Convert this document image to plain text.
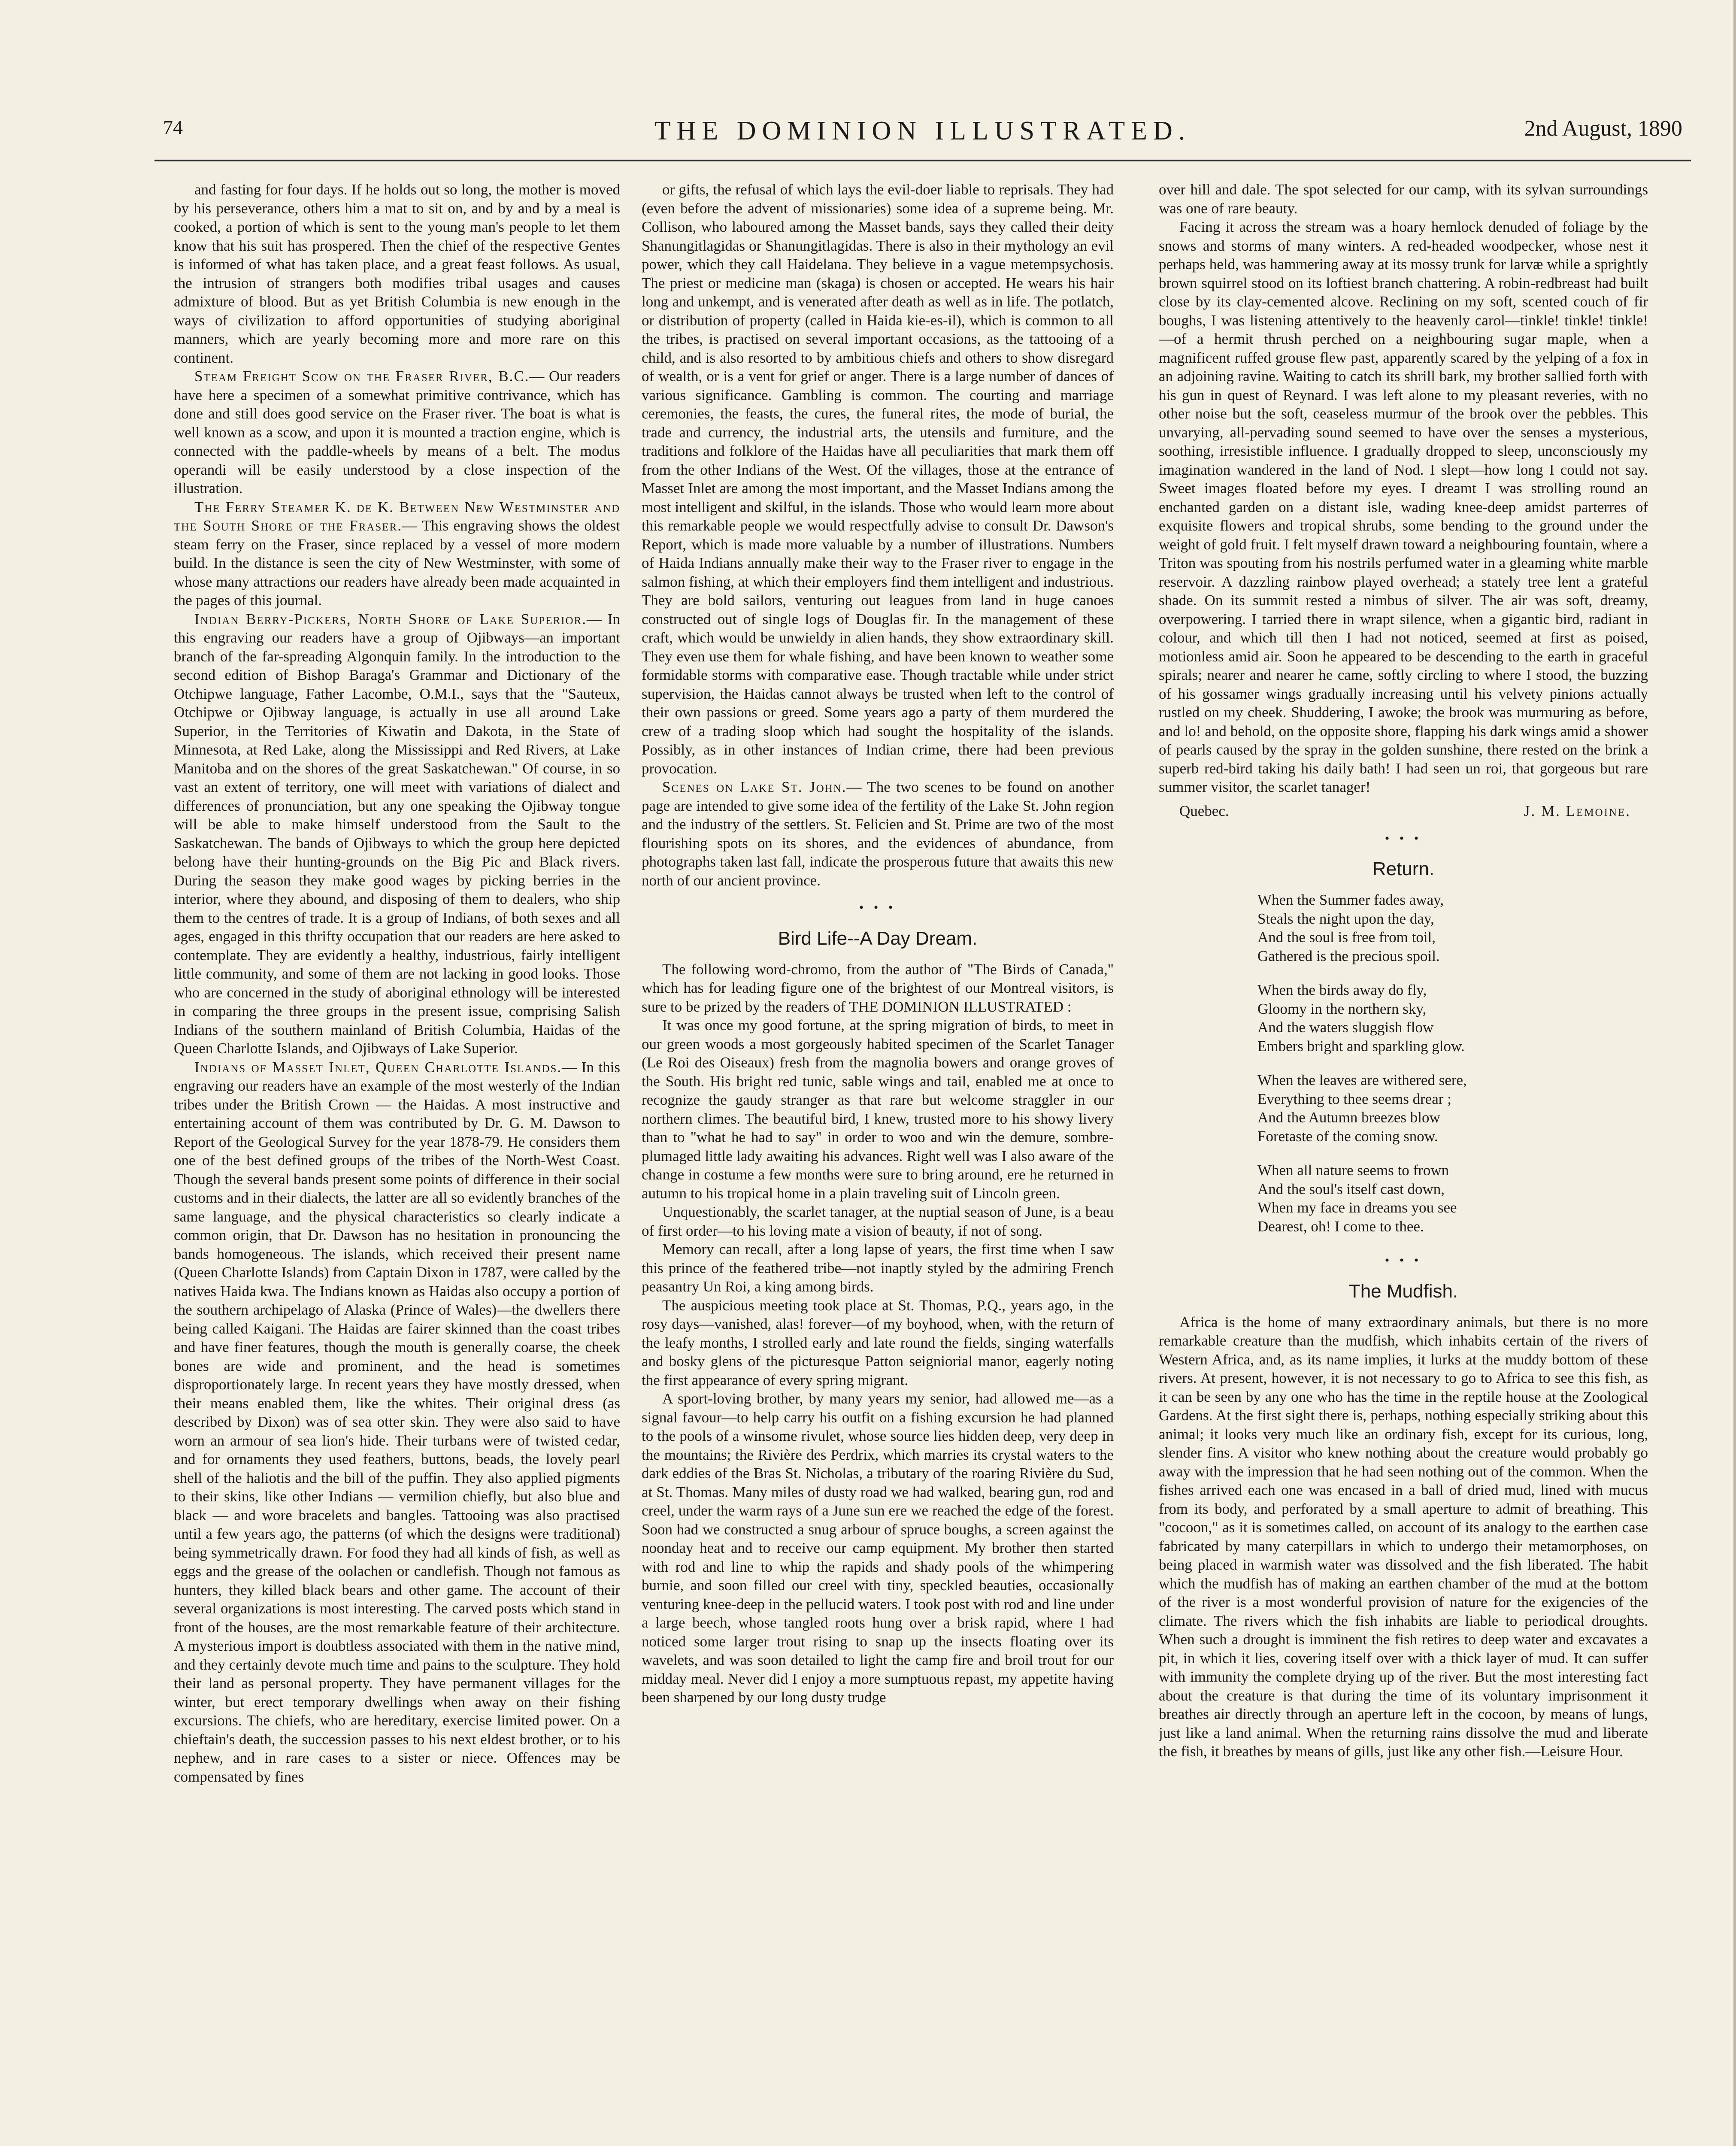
74	THE DOMINION ILLUSTRATED.	2nd August, 1890

and fasting for four days. If he holds out so long, the mother is moved by his perseverance, others him a mat to sit on, and by and by a meal is cooked, a portion of which is sent to the young man's people to let them know that his suit has prospered. Then the chief of the respective Gentes is informed of what has taken place, and a great feast follows. As usual, the intrusion of strangers both modifies tribal usages and causes admixture of blood. But as yet British Columbia is new enough in the ways of civilization to afford opportunities of studying aboriginal manners, which are yearly becoming more and more rare on this continent.

Steam Freight Scow on the Fraser River, B.C.— Our readers have here a specimen of a somewhat primitive contrivance, which has done and still does good service on the Fraser river. The boat is what is well known as a scow, and upon it is mounted a traction engine, which is connected with the paddle-wheels by means of a belt. The modus operandi will be easily understood by a close inspection of the illustration.

The Ferry Steamer K. de K. Between New Westminster and the South Shore of the Fraser.— This engraving shows the oldest steam ferry on the Fraser, since replaced by a vessel of more modern build. In the distance is seen the city of New Westminster, with some of whose many attractions our readers have already been made acquainted in the pages of this journal.

Indian Berry-Pickers, North Shore of Lake Superior.— In this engraving our readers have a group of Ojibways—an important branch of the far-spreading Algonquin family. In the introduction to the second edition of Bishop Baraga's Grammar and Dictionary of the Otchipwe language, Father Lacombe, O.M.I., says that the "Sauteux, Otchipwe or Ojibway language, is actually in use all around Lake Superior, in the Territories of Kiwatin and Dakota, in the State of Minnesota, at Red Lake, along the Mississippi and Red Rivers, at Lake Manitoba and on the shores of the great Saskatchewan." Of course, in so vast an extent of territory, one will meet with variations of dialect and differences of pronunciation, but any one speaking the Ojibway tongue will be able to make himself understood from the Sault to the Saskatchewan. The bands of Ojibways to which the group here depicted belong have their hunting-grounds on the Big Pic and Black rivers. During the season they make good wages by picking berries in the interior, where they abound, and disposing of them to dealers, who ship them to the centres of trade. It is a group of Indians, of both sexes and all ages, engaged in this thrifty occupation that our readers are here asked to contemplate. They are evidently a healthy, industrious, fairly intelligent little community, and some of them are not lacking in good looks. Those who are concerned in the study of aboriginal ethnology will be interested in comparing the three groups in the present issue, comprising Salish Indians of the southern mainland of British Columbia, Haidas of the Queen Charlotte Islands, and Ojibways of Lake Superior.

Indians of Masset Inlet, Queen Charlotte Islands.— In this engraving our readers have an example of the most westerly of the Indian tribes under the British Crown — the Haidas. A most instructive and entertaining account of them was contributed by Dr. G. M. Dawson to Report of the Geological Survey for the year 1878-79. He considers them one of the best defined groups of the tribes of the North-West Coast. Though the several bands present some points of difference in their social customs and in their dialects, the latter are all so evidently branches of the same language, and the physical characteristics so clearly indicate a common origin, that Dr. Dawson has no hesitation in pronouncing the bands homogeneous. The islands, which received their present name (Queen Charlotte Islands) from Captain Dixon in 1787, were called by the natives Haida kwa. The Indians known as Haidas also occupy a portion of the southern archipelago of Alaska (Prince of Wales)—the dwellers there being called Kaigani. The Haidas are fairer skinned than the coast tribes and have finer features, though the mouth is generally coarse, the cheek bones are wide and prominent, and the head is sometimes disproportionately large. In recent years they have mostly dressed, when their means enabled them, like the whites. Their original dress (as described by Dixon) was of sea otter skin. They were also said to have worn an armour of sea lion's hide. Their turbans were of twisted cedar, and for ornaments they used feathers, buttons, beads, the lovely pearl shell of the haliotis and the bill of the puffin. They also applied pigments to their skins, like other Indians — vermilion chiefly, but also blue and black — and wore bracelets and bangles. Tattooing was also practised until a few years ago, the patterns (of which the designs were traditional) being symmetrically drawn. For food they had all kinds of fish, as well as eggs and the grease of the oolachen or candlefish. Though not famous as hunters, they killed black bears and other game. The account of their several organizations is most interesting. The carved posts which stand in front of the houses, are the most remarkable feature of their architecture. A mysterious import is doubtless associated with them in the native mind, and they certainly devote much time and pains to the sculpture. They hold their land as personal property. They have permanent villages for the winter, but erect temporary dwellings when away on their fishing excursions. The chiefs, who are hereditary, exercise limited power. On a chieftain's death, the succession passes to his next eldest brother, or to his nephew, and in rare cases to a sister or niece. Offences may be compensated by fines

or gifts, the refusal of which lays the evil-doer liable to reprisals. They had (even before the advent of missionaries) some idea of a supreme being. Mr. Collison, who laboured among the Masset bands, says they called their deity Shanungitlagidas or Shanungitlagidas. There is also in their mythology an evil power, which they call Haidelana. They believe in a vague metempsychosis. The priest or medicine man (skaga) is chosen or accepted. He wears his hair long and unkempt, and is venerated after death as well as in life. The potlatch, or distribution of property (called in Haida kie-es-il), which is common to all the tribes, is practised on several important occasions, as the tattooing of a child, and is also resorted to by ambitious chiefs and others to show disregard of wealth, or is a vent for grief or anger. There is a large number of dances of various significance. Gambling is common. The courting and marriage ceremonies, the feasts, the cures, the funeral rites, the mode of burial, the trade and currency, the industrial arts, the utensils and furniture, and the traditions and folklore of the Haidas have all peculiarities that mark them off from the other Indians of the West. Of the villages, those at the entrance of Masset Inlet are among the most important, and the Masset Indians among the most intelligent and skilful, in the islands. Those who would learn more about this remarkable people we would respectfully advise to consult Dr. Dawson's Report, which is made more valuable by a number of illustrations. Numbers of Haida Indians annually make their way to the Fraser river to engage in the salmon fishing, at which their employers find them intelligent and industrious. They are bold sailors, venturing out leagues from land in huge canoes constructed out of single logs of Douglas fir. In the management of these craft, which would be unwieldy in alien hands, they show extraordinary skill. They even use them for whale fishing, and have been known to weather some formidable storms with comparative ease. Though tractable while under strict supervision, the Haidas cannot always be trusted when left to the control of their own passions or greed. Some years ago a party of them murdered the crew of a trading sloop which had sought the hospitality of the islands. Possibly, as in other instances of Indian crime, there had been previous provocation.

Scenes on Lake St. John.— The two scenes to be found on another page are intended to give some idea of the fertility of the Lake St. John region and the industry of the settlers. St. Felicien and St. Prime are two of the most flourishing spots on its shores, and the evidences of abundance, from photographs taken last fall, indicate the prosperous future that awaits this new north of our ancient province.

• • •
Bird Life--A Day Dream.

The following word-chromo, from the author of "The Birds of Canada," which has for leading figure one of the brightest of our Montreal visitors, is sure to be prized by the readers of THE DOMINION ILLUSTRATED :

It was once my good fortune, at the spring migration of birds, to meet in our green woods a most gorgeously habited specimen of the Scarlet Tanager (Le Roi des Oiseaux) fresh from the magnolia bowers and orange groves of the South. His bright red tunic, sable wings and tail, enabled me at once to recognize the gaudy stranger as that rare but welcome straggler in our northern climes. The beautiful bird, I knew, trusted more to his showy livery than to "what he had to say" in order to woo and win the demure, sombre-plumaged little lady awaiting his advances. Right well was I also aware of the change in costume a few months were sure to bring around, ere he returned in autumn to his tropical home in a plain traveling suit of Lincoln green.

Unquestionably, the scarlet tanager, at the nuptial season of June, is a beau of first order—to his loving mate a vision of beauty, if not of song.

Memory can recall, after a long lapse of years, the first time when I saw this prince of the feathered tribe—not inaptly styled by the admiring French peasantry Un Roi, a king among birds.

The auspicious meeting took place at St. Thomas, P.Q., years ago, in the rosy days—vanished, alas! forever—of my boyhood, when, with the return of the leafy months, I strolled early and late round the fields, singing waterfalls and bosky glens of the picturesque Patton seigniorial manor, eagerly noting the first appearance of every spring migrant.

A sport-loving brother, by many years my senior, had allowed me—as a signal favour—to help carry his outfit on a fishing excursion he had planned to the pools of a winsome rivulet, whose source lies hidden deep, very deep in the mountains; the Rivière des Perdrix, which marries its crystal waters to the dark eddies of the Bras St. Nicholas, a tributary of the roaring Rivière du Sud, at St. Thomas. Many miles of dusty road we had walked, bearing gun, rod and creel, under the warm rays of a June sun ere we reached the edge of the forest. Soon had we constructed a snug arbour of spruce boughs, a screen against the noonday heat and to receive our camp equipment. My brother then started with rod and line to whip the rapids and shady pools of the whimpering burnie, and soon filled our creel with tiny, speckled beauties, occasionally venturing knee-deep in the pellucid waters. I took post with rod and line under a large beech, whose tangled roots hung over a brisk rapid, where I had noticed some larger trout rising to snap up the insects floating over its wavelets, and was soon detailed to light the camp fire and broil trout for our midday meal. Never did I enjoy a more sumptuous repast, my appetite having been sharpened by our long dusty trudge

over hill and dale. The spot selected for our camp, with its sylvan surroundings was one of rare beauty.

Facing it across the stream was a hoary hemlock denuded of foliage by the snows and storms of many winters. A red-headed woodpecker, whose nest it perhaps held, was hammering away at its mossy trunk for larvæ while a sprightly brown squirrel stood on its loftiest branch chattering. A robin-redbreast had built close by its clay-cemented alcove. Reclining on my soft, scented couch of fir boughs, I was listening attentively to the heavenly carol—tinkle! tinkle! tinkle!—of a hermit thrush perched on a neighbouring sugar maple, when a magnificent ruffed grouse flew past, apparently scared by the yelping of a fox in an adjoining ravine. Waiting to catch its shrill bark, my brother sallied forth with his gun in quest of Reynard. I was left alone to my pleasant reveries, with no other noise but the soft, ceaseless murmur of the brook over the pebbles. This unvarying, all-pervading sound seemed to have over the senses a mysterious, soothing, irresistible influence. I gradually dropped to sleep, unconsciously my imagination wandered in the land of Nod. I slept—how long I could not say. Sweet images floated before my eyes. I dreamt I was strolling round an enchanted garden on a distant isle, wading knee-deep amidst parterres of exquisite flowers and tropical shrubs, some bending to the ground under the weight of gold fruit. I felt myself drawn toward a neighbouring fountain, where a Triton was spouting from his nostrils perfumed water in a gleaming white marble reservoir. A dazzling rainbow played overhead; a stately tree lent a grateful shade. On its summit rested a nimbus of silver. The air was soft, dreamy, overpowering. I tarried there in wrapt silence, when a gigantic bird, radiant in colour, and which till then I had not noticed, seemed at first as poised, motionless amid air. Soon he appeared to be descending to the earth in graceful spirals; nearer and nearer he came, softly circling to where I stood, the buzzing of his gossamer wings gradually increasing until his velvety pinions actually rustled on my cheek. Shuddering, I awoke; the brook was murmuring as before, and lo! and behold, on the opposite shore, flapping his dark wings amid a shower of pearls caused by the spray in the golden sunshine, there rested on the brink a superb red-bird taking his daily bath! I had seen un roi, that gorgeous but rare summer visitor, the scarlet tanager!

Quebec.	J. M. Lemoine.
• • •
Return.
When the Summer fades away,
Steals the night upon the day,
And the soul is free from toil,
Gathered is the precious spoil.
When the birds away do fly,
Gloomy in the northern sky,
And the waters sluggish flow
Embers bright and sparkling glow.
When the leaves are withered sere,
Everything to thee seems drear ;
And the Autumn breezes blow
Foretaste of the coming snow.
When all nature seems to frown
And the soul's itself cast down,
When my face in dreams you see
Dearest, oh! I come to thee.
• • •
The Mudfish.

Africa is the home of many extraordinary animals, but there is no more remarkable creature than the mudfish, which inhabits certain of the rivers of Western Africa, and, as its name implies, it lurks at the muddy bottom of these rivers. At present, however, it is not necessary to go to Africa to see this fish, as it can be seen by any one who has the time in the reptile house at the Zoological Gardens. At the first sight there is, perhaps, nothing especially striking about this animal; it looks very much like an ordinary fish, except for its curious, long, slender fins. A visitor who knew nothing about the creature would probably go away with the impression that he had seen nothing out of the common. When the fishes arrived each one was encased in a ball of dried mud, lined with mucus from its body, and perforated by a small aperture to admit of breathing. This "cocoon," as it is sometimes called, on account of its analogy to the earthen case fabricated by many caterpillars in which to undergo their metamorphoses, on being placed in warmish water was dissolved and the fish liberated. The habit which the mudfish has of making an earthen chamber of the mud at the bottom of the river is a most wonderful provision of nature for the exigencies of the climate. The rivers which the fish inhabits are liable to periodical droughts. When such a drought is imminent the fish retires to deep water and excavates a pit, in which it lies, covering itself over with a thick layer of mud. It can suffer with immunity the complete drying up of the river. But the most interesting fact about the creature is that during the time of its voluntary imprisonment it breathes air directly through an aperture left in the cocoon, by means of lungs, just like a land animal. When the returning rains dissolve the mud and liberate the fish, it breathes by means of gills, just like any other fish.—Leisure Hour.
